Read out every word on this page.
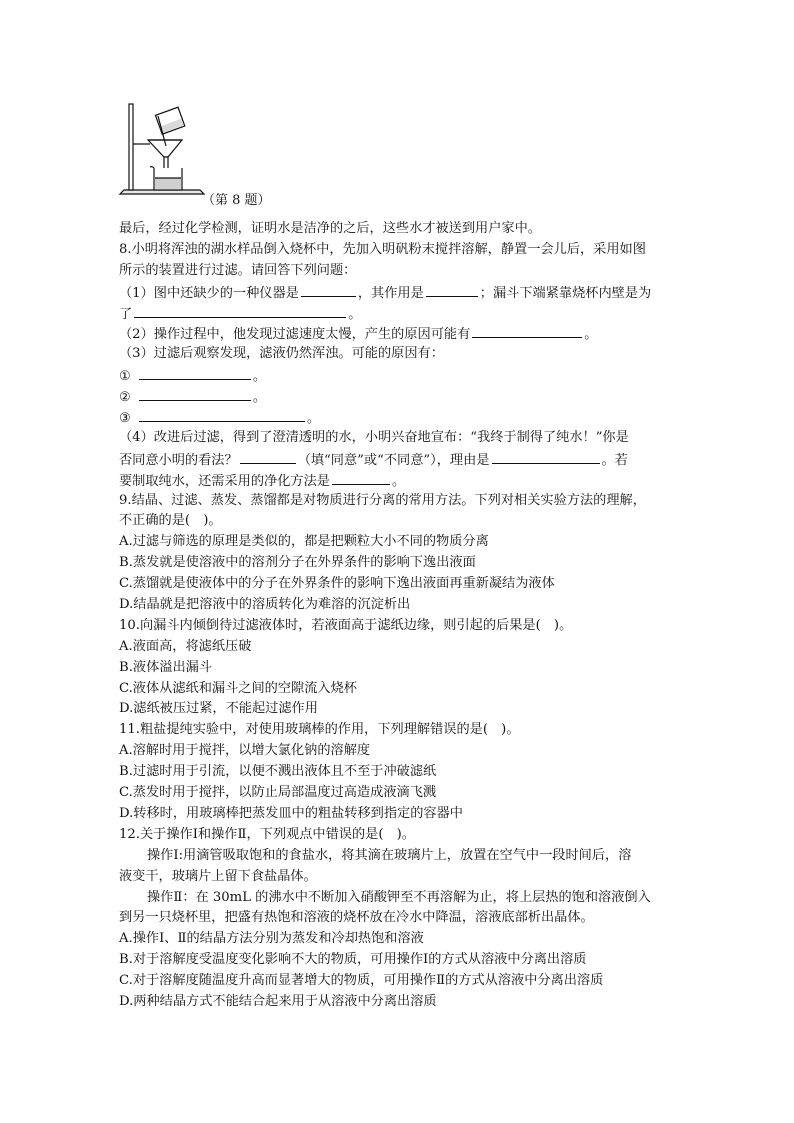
（第 8 题）
最后，经过化学检测，证明水是洁净的之后，这些水才被送到用户家中。
8.小明将浑浊的湖水样品倒入烧杯中，先加入明矾粉末搅拌溶解，静置一会儿后，采用如图
所示的装置进行过滤。请回答下列问题：
（1）图中还缺少的一种仪器是	，其作用是	；漏斗下端紧靠烧杯内壁是为
了	。
（2）操作过程中，他发现过滤速度太慢，产生的原因可能有	。
（3）过滤后观察发现，滤液仍然浑浊。可能的原因有：
①	。
②	。
③	。
（4）改进后过滤，得到了澄清透明的水，小明兴奋地宣布：“我终于制得了纯水！”你是
否同意小明的看法？	（填“同意”或“不同意”），理由是	。若
要制取纯水，还需采用的净化方法是	。
9.结晶、过滤、蒸发、蒸馏都是对物质进行分离的常用方法。下列对相关实验方法的理解，
不正确的是(　)。
A.过滤与筛选的原理是类似的，都是把颗粒大小不同的物质分离
B.蒸发就是使溶液中的溶剂分子在外界条件的影响下逸出液面
C.蒸馏就是使液体中的分子在外界条件的影响下逸出液面再重新凝结为液体
D.结晶就是把溶液中的溶质转化为难溶的沉淀析出
10.向漏斗内倾倒待过滤液体时，若液面高于滤纸边缘，则引起的后果是(　)。
A.液面高，将滤纸压破
B.液体溢出漏斗
C.液体从滤纸和漏斗之间的空隙流入烧杯
D.滤纸被压过紧，不能起过滤作用
11.粗盐提纯实验中，对使用玻璃棒的作用，下列理解错误的是(　)。
A.溶解时用于搅拌，以增大氯化钠的溶解度
B.过滤时用于引流，以便不溅出液体且不至于冲破滤纸
C.蒸发时用于搅拌，以防止局部温度过高造成液滴飞溅
D.转移时，用玻璃棒把蒸发皿中的粗盐转移到指定的容器中
12.关于操作Ⅰ和操作Ⅱ，下列观点中错误的是(　)。
操作Ⅰ:用滴管吸取饱和的食盐水，将其滴在玻璃片上，放置在空气中一段时间后，溶
液变干，玻璃片上留下食盐晶体。
操作Ⅱ：在 30mL 的沸水中不断加入硝酸钾至不再溶解为止，将上层热的饱和溶液倒入
到另一只烧杯里，把盛有热饱和溶液的烧杯放在冷水中降温，溶液底部析出晶体。
A.操作Ⅰ、Ⅱ的结晶方法分别为蒸发和冷却热饱和溶液
B.对于溶解度受温度变化影响不大的物质，可用操作Ⅰ的方式从溶液中分离出溶质
C.对于溶解度随温度升高而显著增大的物质，可用操作Ⅱ的方式从溶液中分离出溶质
D.两种结晶方式不能结合起来用于从溶液中分离出溶质
